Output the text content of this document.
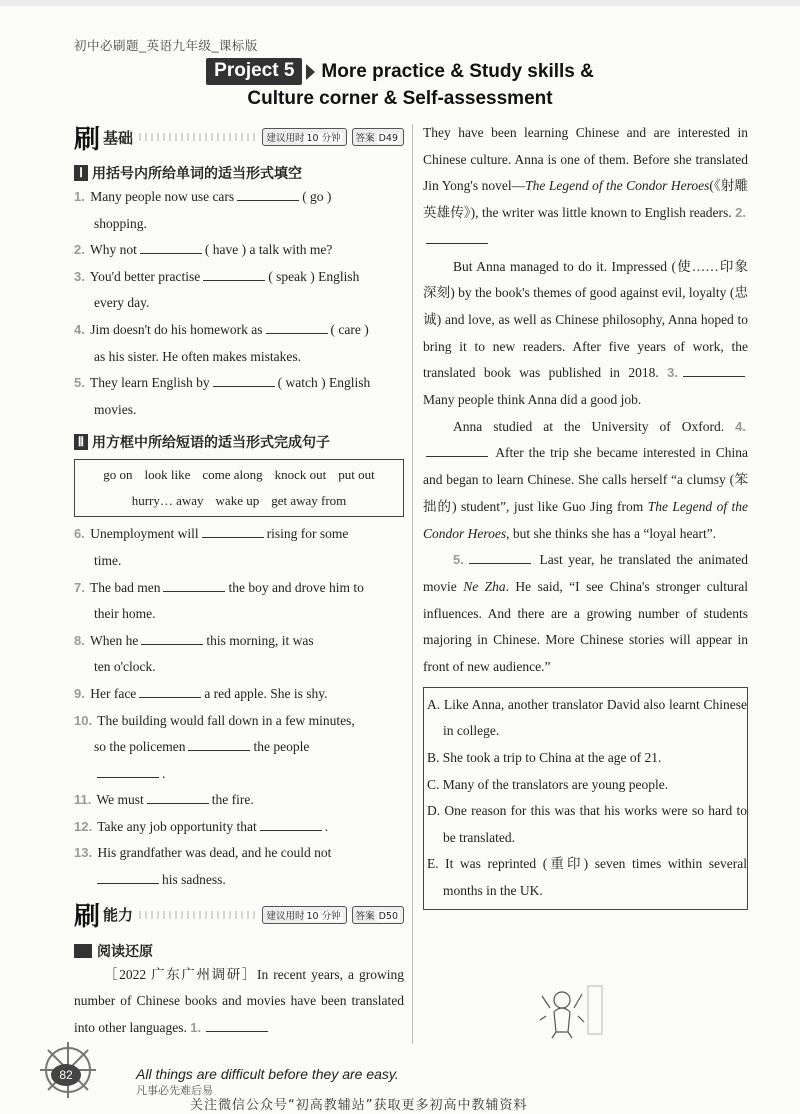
初中必刷题_英语九年级_课标版
Project 5	More practice & Study skills &
Culture corner & Self-assessment
刷 基础	建议用时 10 分钟	答案 D49
Ⅰ 用括号内所给单词的适当形式填空
1. Many people now use cars	( go )
shopping.
2. Why not	( have ) a talk with me?
3. You'd better practise	( speak ) English
every day.
4. Jim doesn't do his homework as	( care )
as his sister. He often makes mistakes.
5. They learn English by	( watch ) English
movies.
Ⅱ 用方框中所给短语的适当形式完成句子
go on look like come along knock out put out
hurry… away wake up get away from
6. Unemployment will	rising for some
time.
7. The bad men	the boy and drove him to
their home.
8. When he	this morning, it was
ten o'clock.
9. Her face	a red apple. She is shy.
10. The building would fall down in a few minutes,
so the policemen	the people
.
11. We must	the fire.
12. Take any job opportunity that	.
13. His grandfather was dead, and he could not
his sadness.
刷 能力	建议用时 10 分钟	答案 D50
阅读还原
［2022 广东广州调研］In recent years, a growing number of Chinese books and movies have been translated into other languages. 1.
They have been learning Chinese and are interested in Chinese culture. Anna is one of them. Before she translated Jin Yong's novel—The Legend of the Condor Heroes(《射雕英雄传》), the writer was little known to English readers. 2.
But Anna managed to do it. Impressed (使……印象深刻) by the book's themes of good against evil, loyalty (忠诚) and love, as well as Chinese philosophy, Anna hoped to bring it to new readers. After five years of work, the translated book was published in 2018. 3. Many people think Anna did a good job.
Anna studied at the University of Oxford. 4. After the trip she became interested in China and began to learn Chinese. She calls herself “a clumsy (笨拙的) student”, just like Guo Jing from The Legend of the Condor Heroes, but she thinks she has a “loyal heart”.
5.	Last year, he translated the animated movie Ne Zha. He said, “I see China's stronger cultural influences. And there are a growing number of students majoring in Chinese. More Chinese stories will appear in front of new audience.”
A. Like Anna, another translator David also learnt Chinese in college.
B. She took a trip to China at the age of 21.
C. Many of the translators are young people.
D. One reason for this was that his works were so hard to be translated.
E. It was reprinted (重印) seven times within several months in the UK.
82	All things are difficult before they are easy.
凡事必先难后易
关注微信公众号“初高教辅站”获取更多初高中教辅资料
